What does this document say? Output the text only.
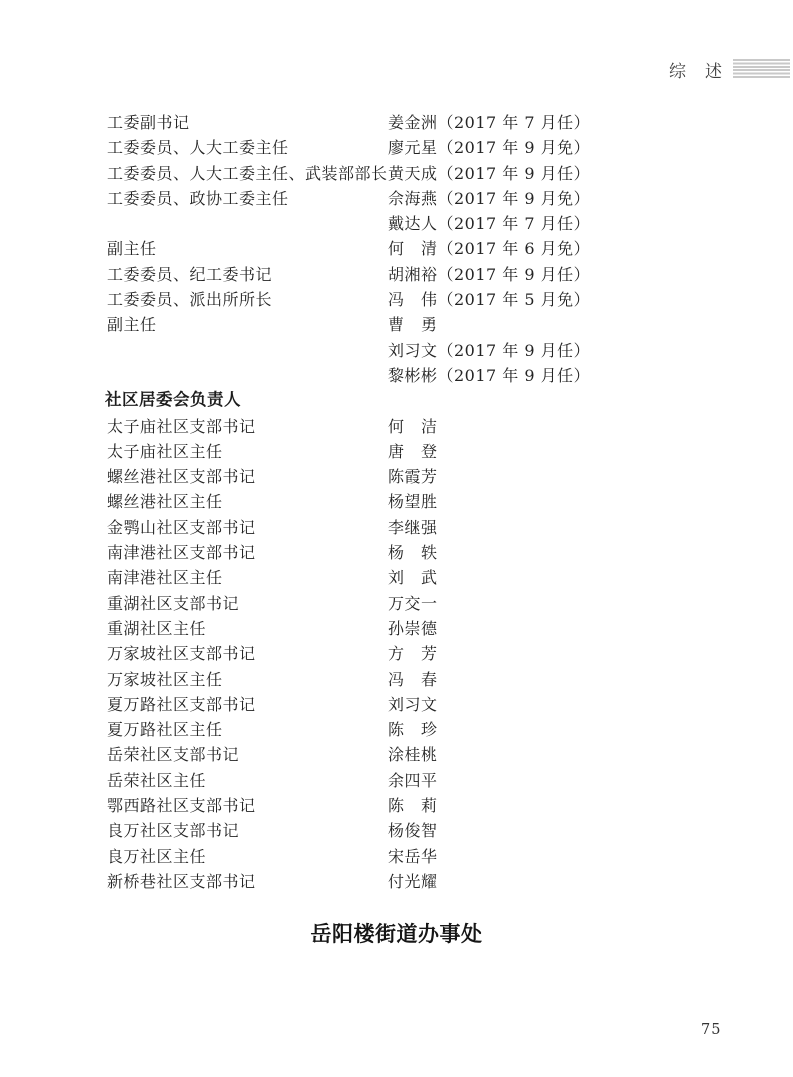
综　述
工委副书记	姜金洲（2017 年 7 月任）
工委委员、人大工委主任	廖元星（2017 年 9 月免）
工委委员、人大工委主任、武装部部长 黄天成（2017 年 9 月任）
工委委员、政协工委主任	佘海燕（2017 年 9 月免）
戴达人（2017 年 7 月任）
副主任	何　清（2017 年 6 月免）
工委委员、纪工委书记	胡湘裕（2017 年 9 月任）
工委委员、派出所所长	冯　伟（2017 年 5 月免）
副主任	曹　勇
刘习文（2017 年 9 月任）
黎彬彬（2017 年 9 月任）
社区居委会负责人
太子庙社区支部书记	何　洁
太子庙社区主任	唐　登
螺丝港社区支部书记	陈霞芳
螺丝港社区主任	杨望胜
金鹗山社区支部书记	李继强
南津港社区支部书记	杨　轶
南津港社区主任	刘　武
重湖社区支部书记	万交一
重湖社区主任	孙崇德
万家坡社区支部书记	方　芳
万家坡社区主任	冯　春
夏万路社区支部书记	刘习文
夏万路社区主任	陈　珍
岳荣社区支部书记	涂桂桃
岳荣社区主任	余四平
鄂西路社区支部书记	陈　莉
良万社区支部书记	杨俊智
良万社区主任	宋岳华
新桥巷社区支部书记	付光耀
岳阳楼街道办事处
75
